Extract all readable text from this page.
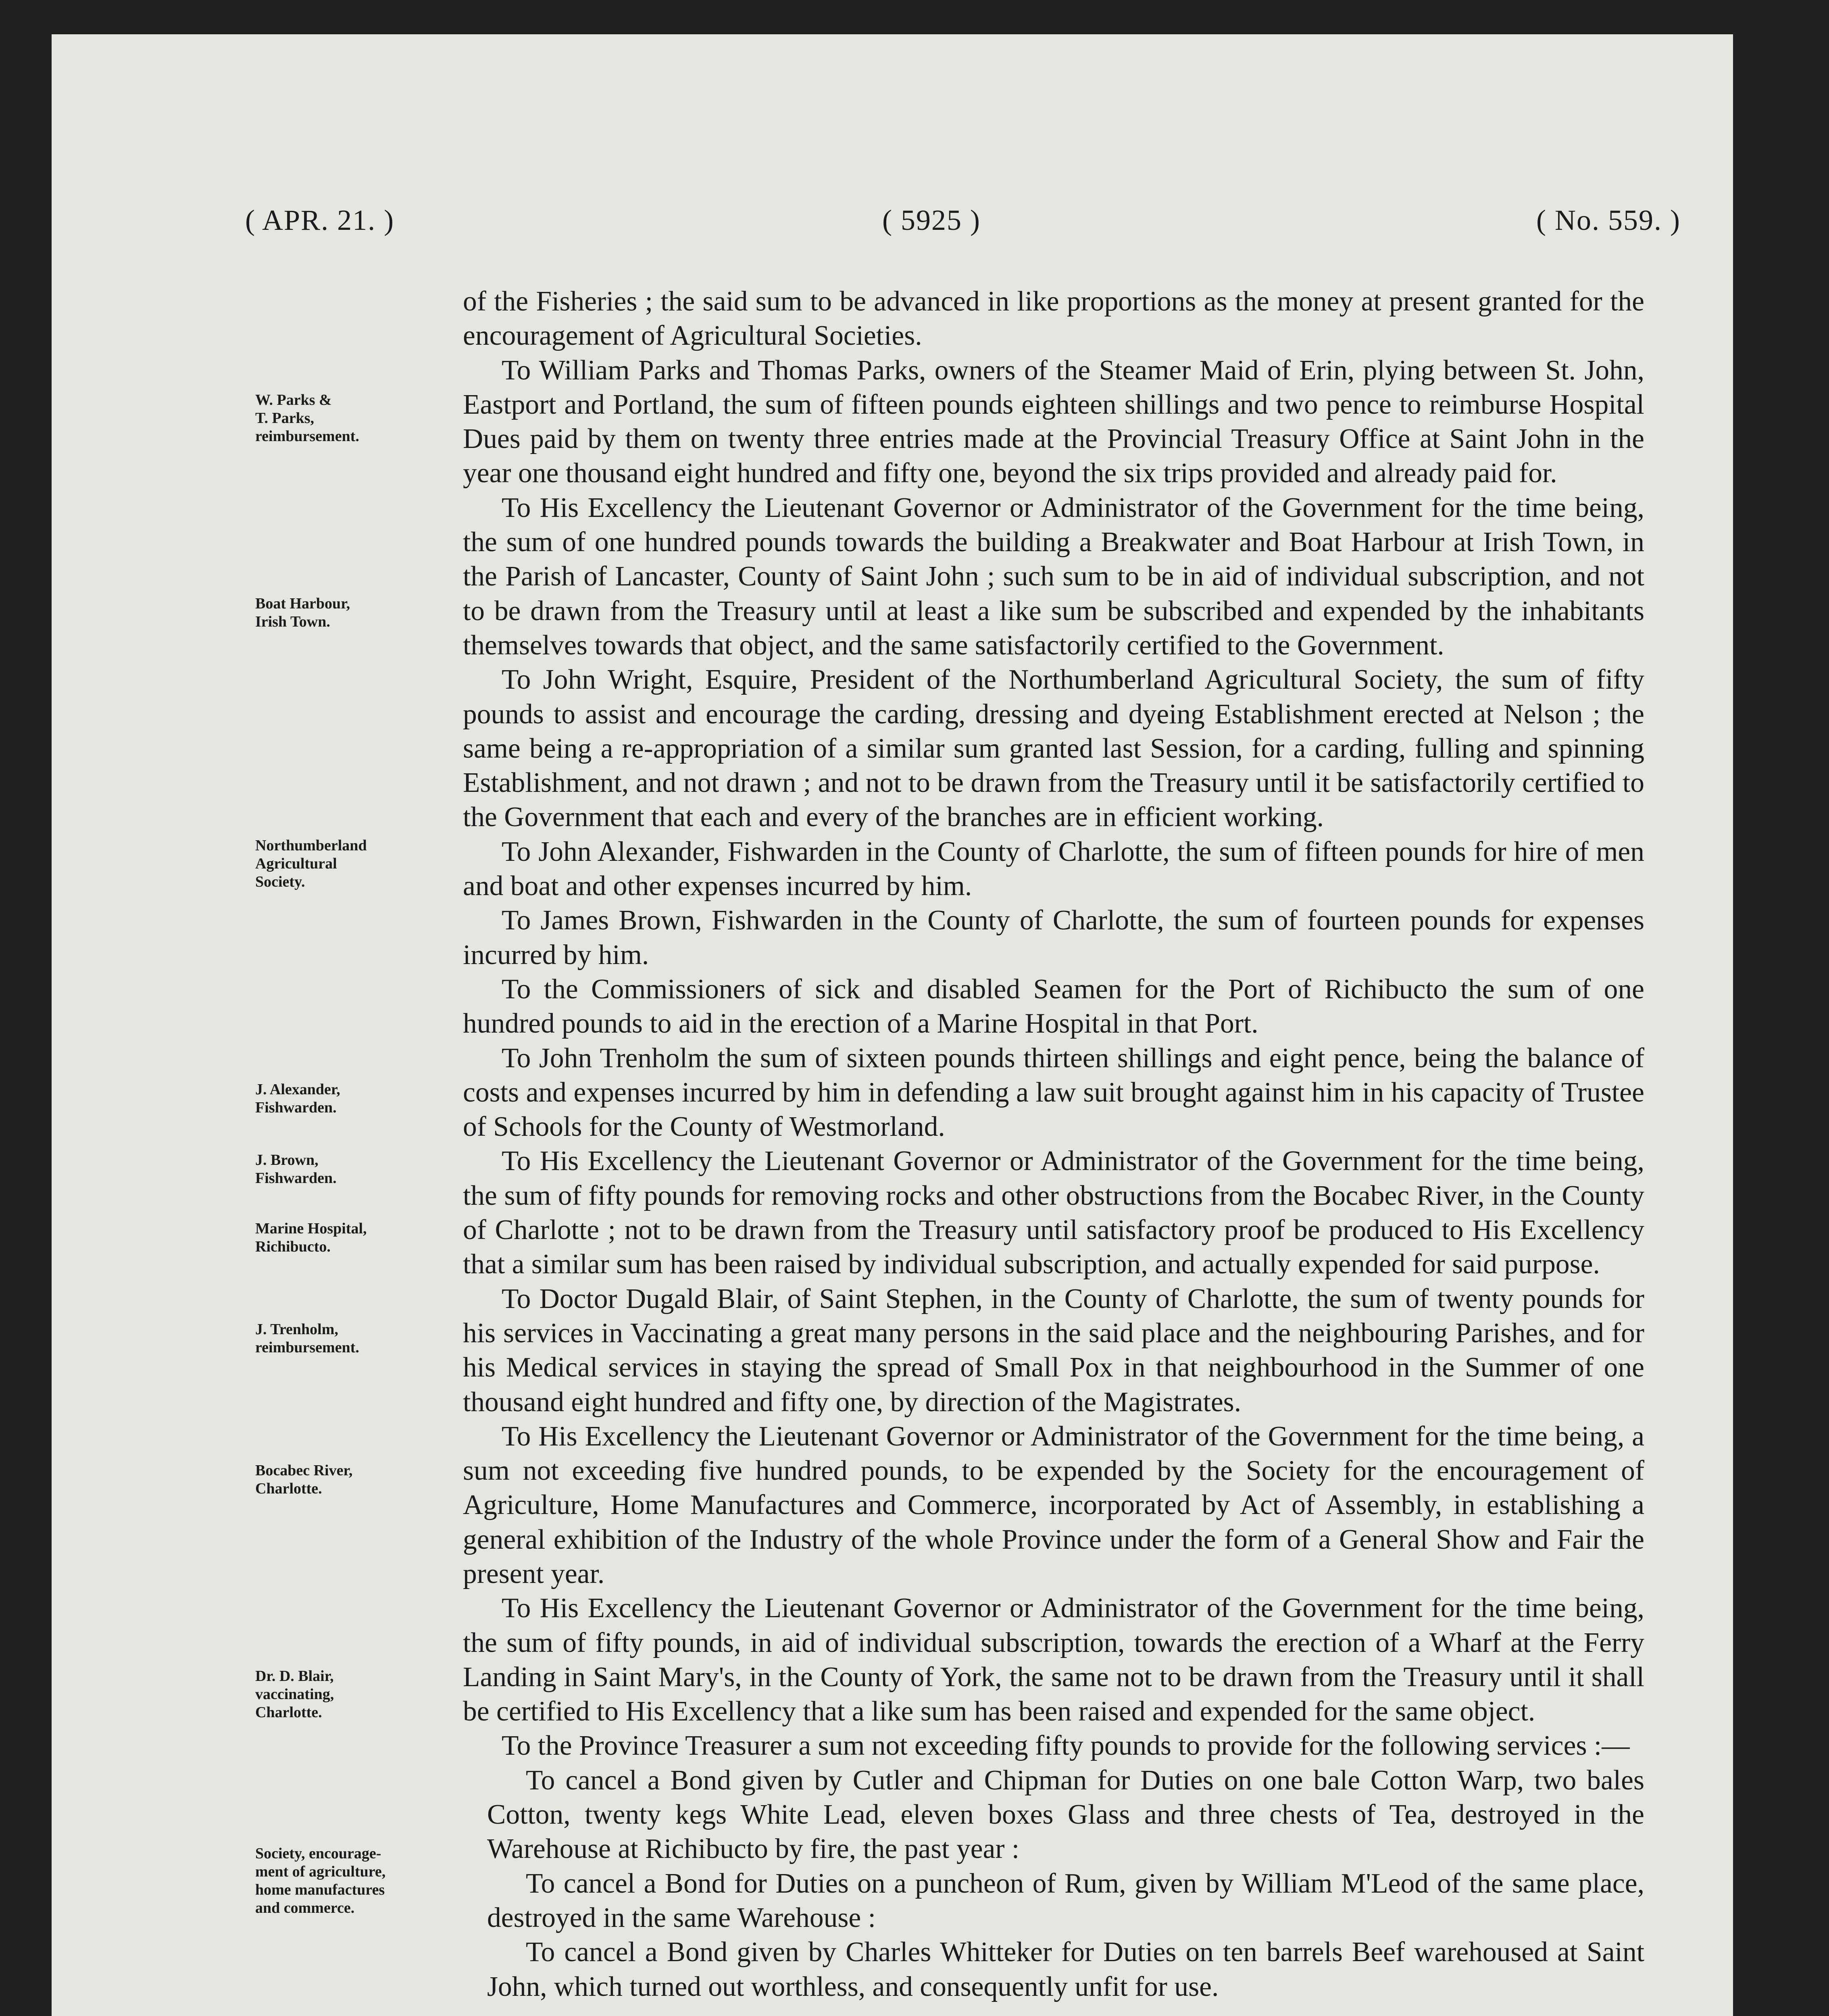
( APR. 21. )	( 5925 )	( No. 559. )
W. Parks &
T. Parks,
reimbursement.
Boat Harbour,
Irish Town.
Northumberland
Agricultural
Society.
J. Alexander,
Fishwarden.
J. Brown,
Fishwarden.
Marine Hospital,
Richibucto.
J. Trenholm,
reimbursement.
Bocabec River,
Charlotte.
Dr. D. Blair,
vaccinating,
Charlotte.
Society, encourage-
ment of agriculture,
home manufactures
and commerce.

of the Fisheries ; the said sum to be advanced in like proportions as the money at present granted for the encouragement of Agricultural Societies.

To William Parks and Thomas Parks, owners of the Steamer Maid of Erin, plying between St. John, Eastport and Portland, the sum of fifteen pounds eighteen shillings and two pence to reimburse Hospital Dues paid by them on twenty three entries made at the Provincial Treasury Office at Saint John in the year one thousand eight hundred and fifty one, beyond the six trips provided and already paid for.

To His Excellency the Lieutenant Governor or Administrator of the Government for the time being, the sum of one hundred pounds towards the building a Breakwater and Boat Harbour at Irish Town, in the Parish of Lancaster, County of Saint John ; such sum to be in aid of individual subscription, and not to be drawn from the Treasury until at least a like sum be subscribed and expended by the inhabitants themselves towards that object, and the same satisfactorily certified to the Government.

To John Wright, Esquire, President of the Northumberland Agricultural Society, the sum of fifty pounds to assist and encourage the carding, dressing and dyeing Establishment erected at Nelson ; the same being a re-appropriation of a similar sum granted last Session, for a carding, fulling and spinning Establishment, and not drawn ; and not to be drawn from the Treasury until it be satisfactorily certified to the Government that each and every of the branches are in efficient working.

To John Alexander, Fishwarden in the County of Charlotte, the sum of fifteen pounds for hire of men and boat and other expenses incurred by him.

To James Brown, Fishwarden in the County of Charlotte, the sum of fourteen pounds for expenses incurred by him.

To the Commissioners of sick and disabled Seamen for the Port of Richibucto the sum of one hundred pounds to aid in the erection of a Marine Hospital in that Port.

To John Trenholm the sum of sixteen pounds thirteen shillings and eight pence, being the balance of costs and expenses incurred by him in defending a law suit brought against him in his capacity of Trustee of Schools for the County of Westmorland.

To His Excellency the Lieutenant Governor or Administrator of the Government for the time being, the sum of fifty pounds for removing rocks and other obstructions from the Bocabec River, in the County of Charlotte ; not to be drawn from the Treasury until satisfactory proof be produced to His Excellency that a similar sum has been raised by individual subscription, and actually expended for said purpose.

To Doctor Dugald Blair, of Saint Stephen, in the County of Charlotte, the sum of twenty pounds for his services in Vaccinating a great many persons in the said place and the neighbouring Parishes, and for his Medical services in staying the spread of Small Pox in that neighbourhood in the Summer of one thousand eight hundred and fifty one, by direction of the Magistrates.

To His Excellency the Lieutenant Governor or Administrator of the Government for the time being, a sum not exceeding five hundred pounds, to be expended by the Society for the encouragement of Agriculture, Home Manufactures and Commerce, incorporated by Act of Assembly, in establishing a general exhibition of the Industry of the whole Province under the form of a General Show and Fair the present year.

To His Excellency the Lieutenant Governor or Administrator of the Government for the time being, the sum of fifty pounds, in aid of individual subscription, towards the erection of a Wharf at the Ferry Landing in Saint Mary's, in the County of York, the same not to be drawn from the Treasury until it shall be certified to His Excellency that a like sum has been raised and expended for the same object.

To the Province Treasurer a sum not exceeding fifty pounds to provide for the following services :—

To cancel a Bond given by Cutler and Chipman for Duties on one bale Cotton Warp, two bales Cotton, twenty kegs White Lead, eleven boxes Glass and three chests of Tea, destroyed in the Warehouse at Richibucto by fire, the past year :

To cancel a Bond for Duties on a puncheon of Rum, given by William M'Leod of the same place, destroyed in the same Warehouse :

To cancel a Bond given by Charles Whitteker for Duties on ten barrels Beef warehoused at Saint John, which turned out worthless, and consequently unfit for use.
